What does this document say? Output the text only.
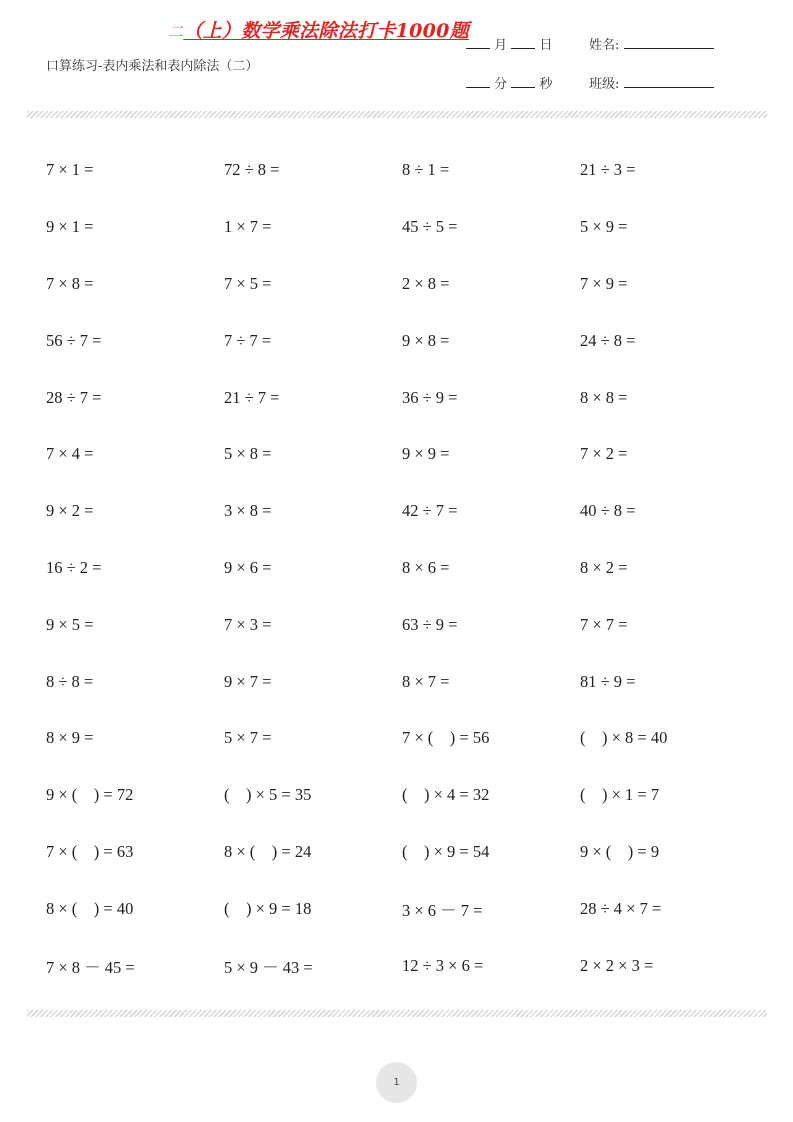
二（上）数学乘法除法打卡1000题
口算练习-表内乘法和表内除法（二）
月 日	姓名:
分 秒	班级:
7 × 1 =	72 ÷ 8 =	8 ÷ 1 =	21 ÷ 3 =
9 × 1 =	1 × 7 =	45 ÷ 5 =	5 × 9 =
7 × 8 =	7 × 5 =	2 × 8 =	7 × 9 =
56 ÷ 7 =	7 ÷ 7 =	9 × 8 =	24 ÷ 8 =
28 ÷ 7 =	21 ÷ 7 =	36 ÷ 9 =	8 × 8 =
7 × 4 =	5 × 8 =	9 × 9 =	7 × 2 =
9 × 2 =	3 × 8 =	42 ÷ 7 =	40 ÷ 8 =
16 ÷ 2 =	9 × 6 =	8 × 6 =	8 × 2 =
9 × 5 =	7 × 3 =	63 ÷ 9 =	7 × 7 =
8 ÷ 8 =	9 × 7 =	8 × 7 =	81 ÷ 9 =
8 × 9 =	5 × 7 =	7 × (    ) = 56	(    ) × 8 = 40
9 × (    ) = 72	(    ) × 5 = 35	(    ) × 4 = 32	(    ) × 1 = 7
7 × (    ) = 63	8 × (    ) = 24	(    ) × 9 = 54	9 × (    ) = 9
8 × (    ) = 40	(    ) × 9 = 18	3 × 6 － 7 =	28 ÷ 4 × 7 =
7 × 8 － 45 =	5 × 9 － 43 =	12 ÷ 3 × 6 =	2 × 2 × 3 =
1
